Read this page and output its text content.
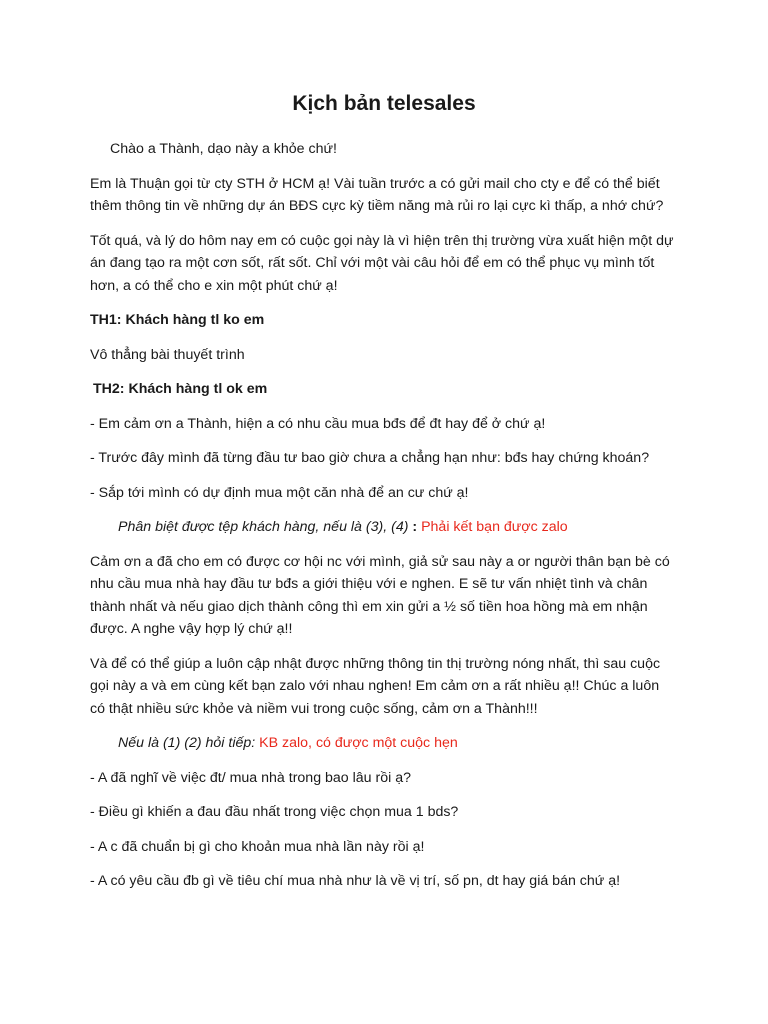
Kịch bản telesales

Chào a Thành, dạo này a khỏe chứ!

Em là Thuận gọi từ cty STH ở HCM ạ! Vài tuần trước a có gửi mail cho cty e để có thể biết thêm thông tin về những dự án BĐS cực kỳ tiềm năng mà rủi ro lại cực kì thấp, a nhớ chứ?

Tốt quá, và lý do hôm nay em có cuộc gọi này là vì hiện trên thị trường vừa xuất hiện một dự án đang tạo ra một cơn sốt, rất sốt. Chỉ với một vài câu hỏi để em có thể phục vụ mình tốt hơn, a có thể cho e xin một phút chứ ạ!

TH1: Khách hàng tl ko em

Vô thẳng bài thuyết trình

TH2: Khách hàng tl ok em

- Em cảm ơn a Thành, hiện a có nhu cầu mua bđs để đt hay để ở chứ ạ!

- Trước đây mình đã từng đầu tư bao giờ chưa a chẳng hạn như: bđs hay chứng khoán?

- Sắp tới mình có dự định mua một căn nhà để an cư chứ ạ!

Phân biệt được tệp khách hàng, nếu là (3), (4) : Phải kết bạn được zalo

Cảm ơn a đã cho em có được cơ hội nc với mình, giả sử sau này a or người thân bạn bè có nhu cầu mua nhà hay đầu tư bđs a giới thiệu với e nghen. E sẽ tư vấn nhiệt tình và chân thành nhất và nếu giao dịch thành công thì em xin gửi a ½ số tiền hoa hồng mà em nhận được. A nghe vậy hợp lý chứ ạ!!

Và để có thể giúp a luôn cập nhật được những thông tin thị trường nóng nhất, thì sau cuộc gọi này a và em cùng kết bạn zalo với nhau nghen! Em cảm ơn a rất nhiều ạ!! Chúc a luôn có thật nhiều sức khỏe và niềm vui trong cuộc sống, cảm ơn a Thành!!!

Nếu là (1) (2) hỏi tiếp: KB zalo, có được một cuộc hẹn

- A đã nghĩ về việc đt/ mua nhà trong bao lâu rồi ạ?

- Điều gì khiến a đau đầu nhất trong việc chọn mua 1 bds?

- A c đã chuẩn bị gì cho khoản mua nhà lần này rồi ạ!

- A có yêu cầu đb gì về tiêu chí mua nhà như là về vị trí, số pn, dt hay giá bán chứ ạ!
